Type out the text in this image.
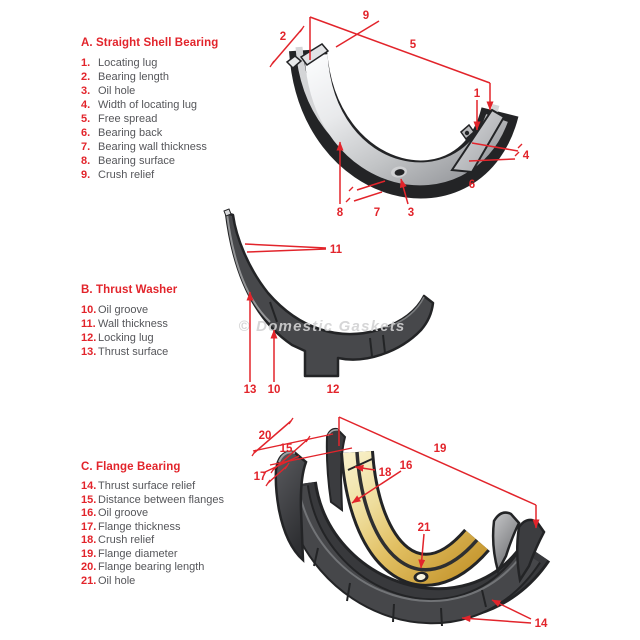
A. Straight Shell Bearing
1. Locating lug
2. Bearing length
3. Oil hole
4. Width of locating lug
5. Free spread
6. Bearing back
7. Bearing wall thickness
8. Bearing surface
9. Crush relief
B. Thrust Washer
10. Oil groove
11. Wall thickness
12. Locking lug
13. Thrust surface
C. Flange Bearing
14. Thrust surface relief
15. Distance between flanges
16. Oil groove
17. Flange thickness
18. Crush relief
19. Flange diameter
20. Flange bearing length
21. Oil hole
9
2
5
1
4
6
8	7 3
© Domestic Gaskets
11
13 10	12
20
15
17
19
18
16
21
14
